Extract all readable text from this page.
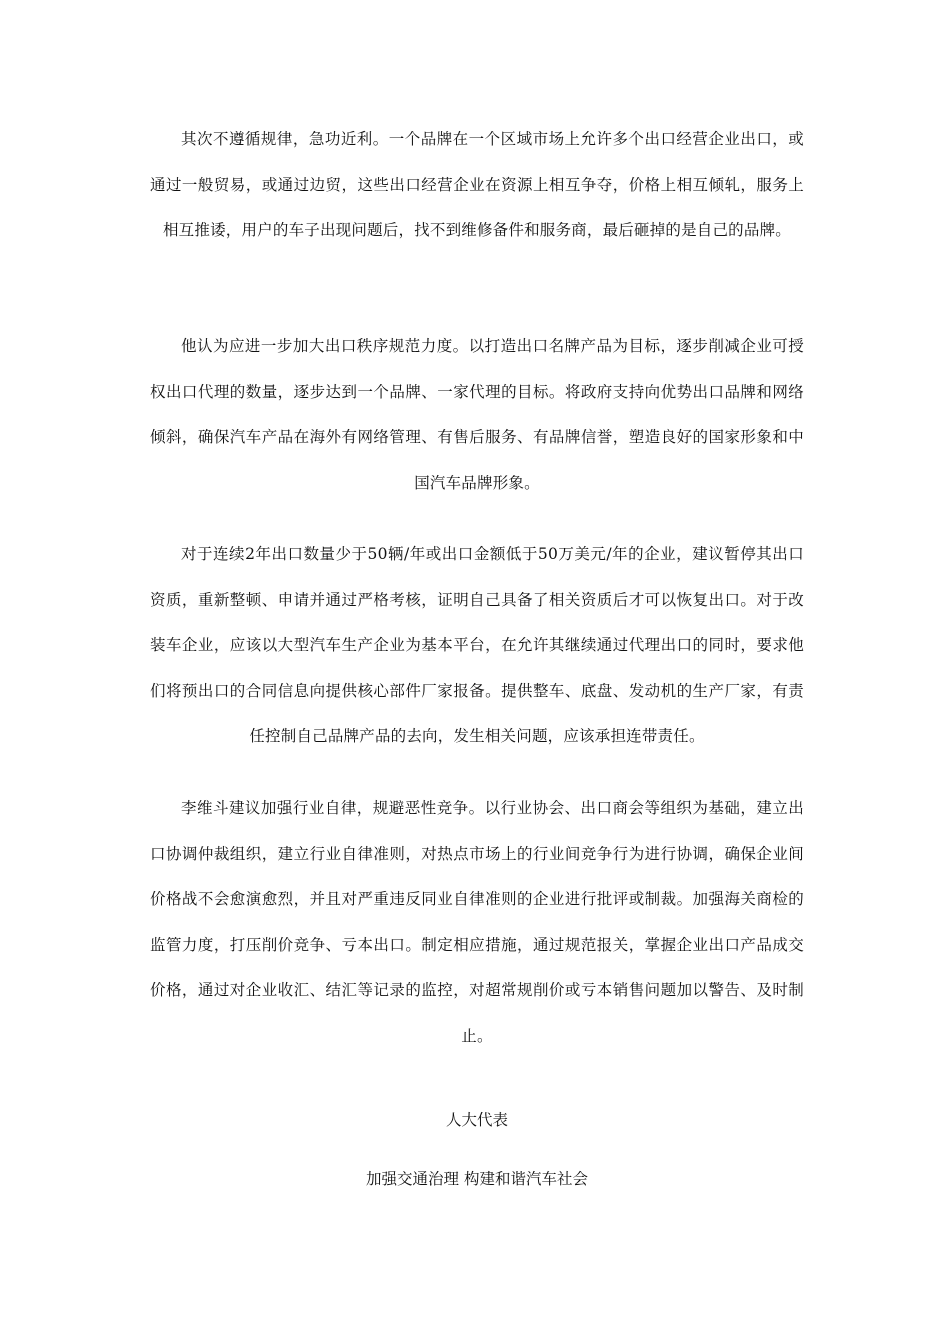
其次不遵循规律，急功近利。一个品牌在一个区域市场上允许多个出口经营企业出口，或通过一般贸易，或通过边贸，这些出口经营企业在资源上相互争夺，价格上相互倾轧，服务上相互推诿，用户的车子出现问题后，找不到维修备件和服务商，最后砸掉的是自己的品牌。

他认为应进一步加大出口秩序规范力度。以打造出口名牌产品为目标，逐步削减企业可授权出口代理的数量，逐步达到一个品牌、一家代理的目标。将政府支持向优势出口品牌和网络倾斜，确保汽车产品在海外有网络管理、有售后服务、有品牌信誉，塑造良好的国家形象和中国汽车品牌形象。

对于连续2年出口数量少于50辆/年或出口金额低于50万美元/年的企业，建议暂停其出口资质，重新整顿、申请并通过严格考核，证明自己具备了相关资质后才可以恢复出口。对于改装车企业，应该以大型汽车生产企业为基本平台，在允许其继续通过代理出口的同时，要求他们将预出口的合同信息向提供核心部件厂家报备。提供整车、底盘、发动机的生产厂家，有责任控制自己品牌产品的去向，发生相关问题，应该承担连带责任。

李维斗建议加强行业自律，规避恶性竞争。以行业协会、出口商会等组织为基础，建立出口协调仲裁组织，建立行业自律准则，对热点市场上的行业间竞争行为进行协调，确保企业间价格战不会愈演愈烈，并且对严重违反同业自律准则的企业进行批评或制裁。加强海关商检的监管力度，打压削价竞争、亏本出口。制定相应措施，通过规范报关，掌握企业出口产品成交价格，通过对企业收汇、结汇等记录的监控，对超常规削价或亏本销售问题加以警告、及时制止。

人大代表
加强交通治理 构建和谐汽车社会
